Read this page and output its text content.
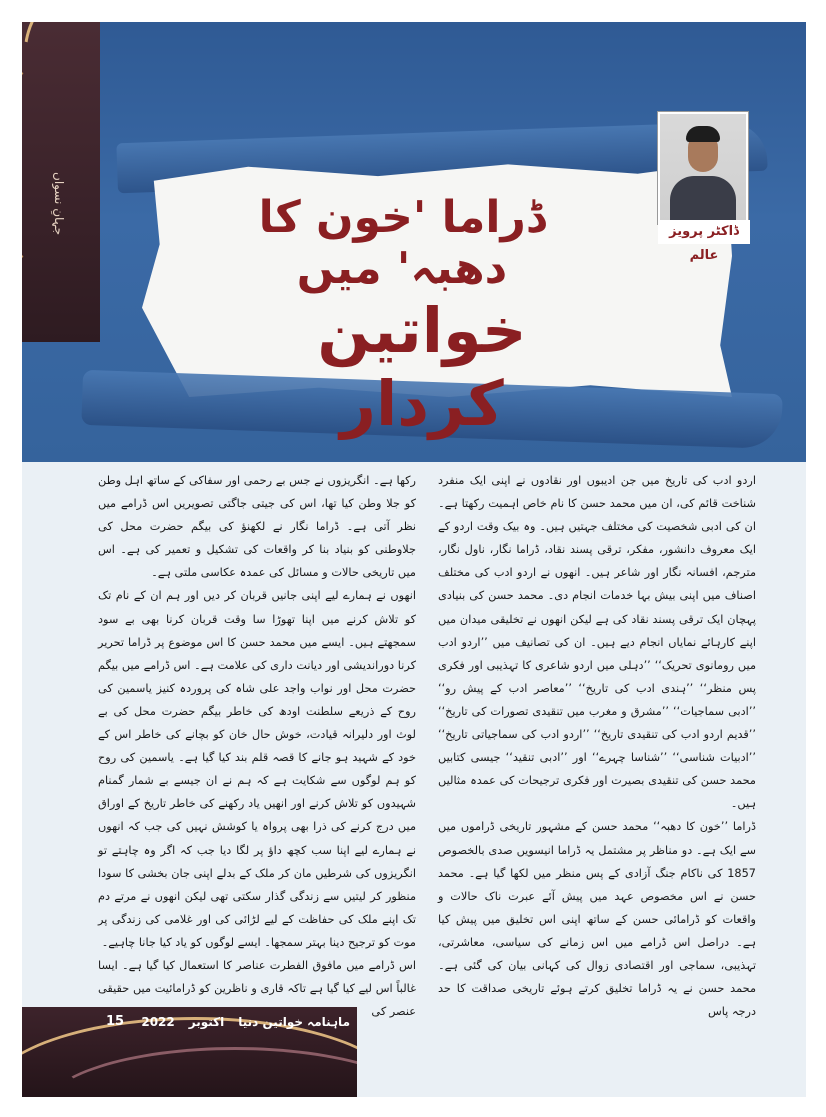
ڈراما 'خون کا دھبہ' میں
خواتین کردار
ڈاکٹر پرویز عالم
جہانِ نسواں

اردو ادب کی تاریخ میں جن ادیبوں اور نقادوں نے اپنی ایک منفرد شناخت قائم کی، ان میں محمد حسن کا نام خاص اہمیت رکھتا ہے۔ ان کی ادبی شخصیت کی مختلف جہتیں ہیں۔ وہ بیک وقت اردو کے ایک معروف دانشور، مفکر، ترقی پسند نقاد، ڈراما نگار، ناول نگار، مترجم، افسانہ نگار اور شاعر ہیں۔ انھوں نے اردو ادب کی مختلف اصناف میں اپنی بیش بہا خدمات انجام دی۔ محمد حسن کی بنیادی پہچان ایک ترقی پسند نقاد کی ہے لیکن انھوں نے تخلیقی میدان میں اپنے کارہائے نمایاں انجام دیے ہیں۔ ان کی تصانیف میں ’’اردو ادب میں رومانوی تحریک‘‘ ’’دہلی میں اردو شاعری کا تہذیبی اور فکری پس منظر‘‘ ’’ہندی ادب کی تاریخ‘‘ ’’معاصر ادب کے پیش رو‘‘ ’’ادبی سماجیات‘‘ ’’مشرق و مغرب میں تنقیدی تصورات کی تاریخ‘‘ ’’قدیم اردو ادب کی تنقیدی تاریخ‘‘ ’’اردو ادب کی سماجیاتی تاریخ‘‘ ’’ادبیات شناسی‘‘ ’’شناسا چہرے‘‘ اور ’’ادبی تنقید‘‘ جیسی کتابیں محمد حسن کی تنقیدی بصیرت اور فکری ترجیحات کی عمدہ مثالیں ہیں۔

ڈراما ’’خون کا دھبہ‘‘ محمد حسن کے مشہور تاریخی ڈراموں میں سے ایک ہے۔ دو مناظر پر مشتمل یہ ڈراما انیسویں صدی بالخصوص 1857 کی ناکام جنگ آزادی کے پس منظر میں لکھا گیا ہے۔ محمد حسن نے اس مخصوص عہد میں پیش آئے عبرت ناک حالات و واقعات کو ڈرامائی حسن کے ساتھ اپنی اس تخلیق میں پیش کیا ہے۔ دراصل اس ڈرامے میں اس زمانے کی سیاسی، معاشرتی، تہذیبی، سماجی اور اقتصادی زوال کی کہانی بیان کی گئی ہے۔ محمد حسن نے یہ ڈراما تخلیق کرتے ہوئے تاریخی صداقت کا حد درجہ پاس

رکھا ہے۔ انگریزوں نے جس بے رحمی اور سفاکی کے ساتھ اہل وطن کو جلا وطن کیا تھا، اس کی جیتی جاگتی تصویریں اس ڈرامے میں نظر آتی ہے۔ ڈراما نگار نے لکھنؤ کی بیگم حضرت محل کی جلاوطنی کو بنیاد بنا کر واقعات کی تشکیل و تعمیر کی ہے۔ اس میں تاریخی حالات و مسائل کی عمدہ عکاسی ملتی ہے۔

انھوں نے ہمارے لیے اپنی جانیں قربان کر دیں اور ہم ان کے نام تک کو تلاش کرنے میں اپنا تھوڑا سا وقت قربان کرنا بھی بے سود سمجھتے ہیں۔ ایسے میں محمد حسن کا اس موضوع پر ڈراما تحریر کرنا دوراندیشی اور دیانت داری کی علامت ہے۔ اس ڈرامے میں بیگم حضرت محل اور نواب واجد علی شاہ کی پروردہ کنیز یاسمین کی روح کے ذریعے سلطنت اودھ کی خاطر بیگم حضرت محل کی بے لوث اور دلیرانہ قیادت، خوش حال خان کو بچانے کی خاطر اس کے خود کے شہید ہو جانے کا قصہ قلم بند کیا گیا ہے۔ یاسمین کی روح کو ہم لوگوں سے شکایت ہے کہ ہم نے ان جیسے بے شمار گمنام شہیدوں کو تلاش کرنے اور انھیں یاد رکھنے کی خاطر تاریخ کے اوراق میں درج کرنے کی ذرا بھی پرواہ یا کوشش نہیں کی جب کہ انھوں نے ہمارے لیے اپنا سب کچھ داؤ پر لگا دیا جب کہ اگر وہ چاہتے تو انگریزوں کی شرطیں مان کر ملک کے بدلے اپنی جان بخشی کا سودا منظور کر لیتیں سے زندگی گذار سکتی تھی لیکن انھوں نے مرتے دم تک اپنے ملک کی حفاظت کے لیے لڑائی کی اور غلامی کی زندگی پر موت کو ترجیح دینا بہتر سمجھا۔ ایسے لوگوں کو یاد کیا جانا چاہیے۔

اس ڈرامے میں مافوق الفطرت عناصر کا استعمال کیا گیا ہے۔ ایسا غالباً اس لیے کیا گیا ہے تاکہ قاری و ناظرین کو ڈرامائیت میں حقیقی عنصر کی

ماہنامہ خواتین دنیا
اکتوبر
2022
15
